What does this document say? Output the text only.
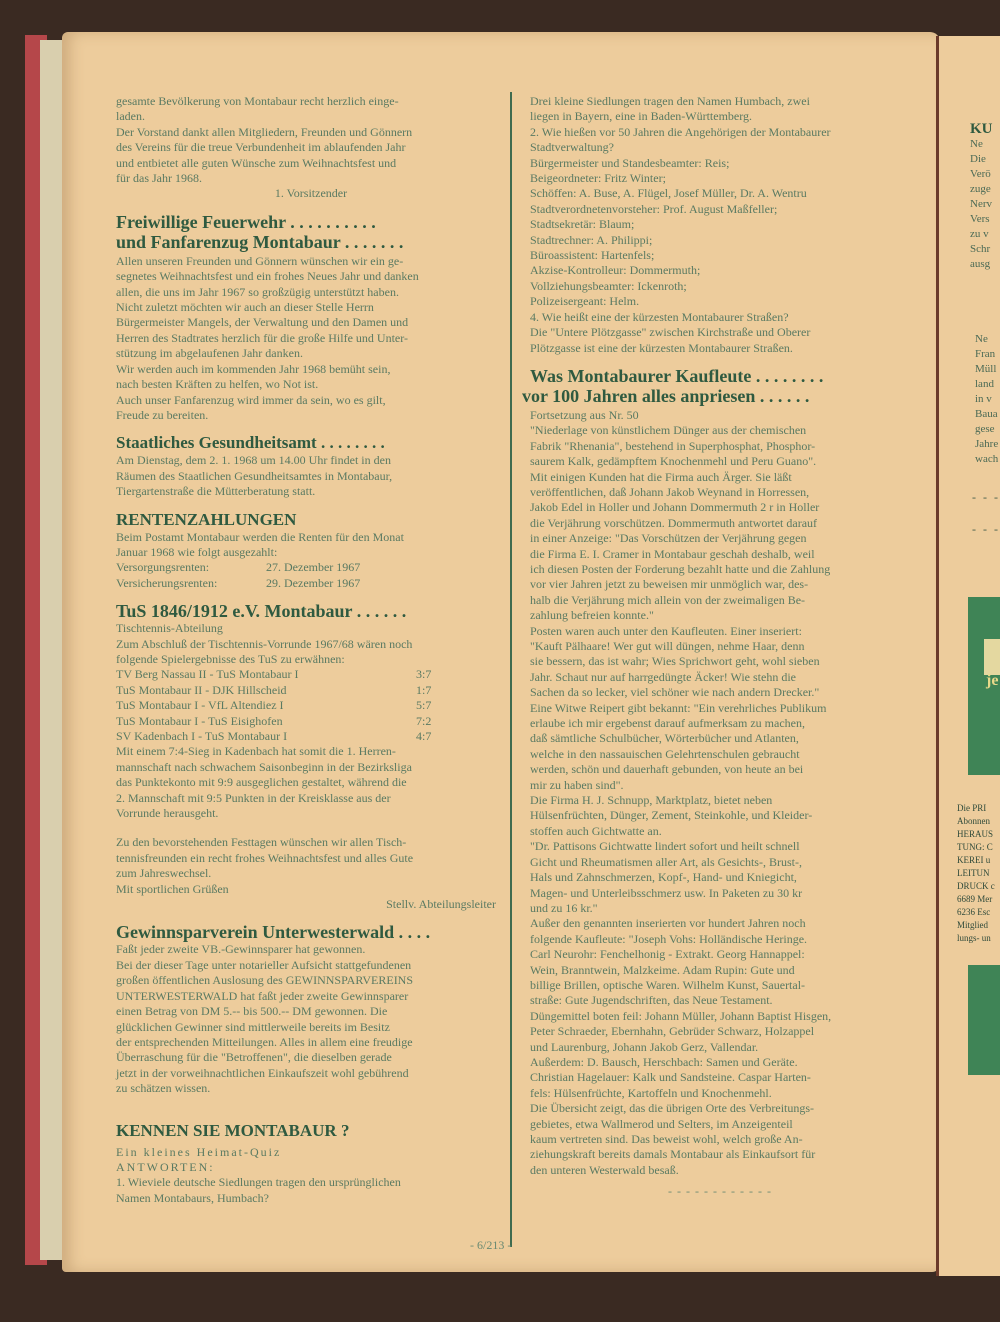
gesamte Bevölkerung von Montabaur recht herzlich einge-

laden.

Der Vorstand dankt allen Mitgliedern, Freunden und Gönnern

des Vereins für die treue Verbundenheit im ablaufenden Jahr

und entbietet alle guten Wünsche zum Weihnachtsfest und

für das Jahr 1968.

1. Vorsitzender

Freiwillige Feuerwehr . . . . . . . . . .

und Fanfarenzug Montabaur . . . . . . .

Allen unseren Freunden und Gönnern wünschen wir ein ge-
segnetes Weihnachtsfest und ein frohes Neues Jahr und danken
allen, die uns im Jahr 1967 so großzügig unterstützt haben.
Nicht zuletzt möchten wir auch an dieser Stelle Herrn
Bürgermeister Mangels, der Verwaltung und den Damen und
Herren des Stadtrates herzlich für die große Hilfe und Unter-
stützung im abgelaufenen Jahr danken.
Wir werden auch im kommenden Jahr 1968 bemüht sein,
nach besten Kräften zu helfen, wo Not ist.
Auch unser Fanfarenzug wird immer da sein, wo es gilt,
Freude zu bereiten.

Staatliches Gesundheitsamt . . . . . . . .

Am Dienstag, dem 2. 1. 1968 um 14.00 Uhr findet in den
Räumen des Staatlichen Gesundheitsamtes in Montabaur,
Tiergartenstraße die Mütterberatung statt.

RENTENZAHLUNGEN

Beim Postamt Montabaur werden die Renten für den Monat
Januar 1968 wie folgt ausgezahlt:

Versorgungsrenten:	27. Dezember 1967
Versicherungsrenten:	29. Dezember 1967

TuS 1846/1912 e.V. Montabaur . . . . . .

Tischtennis-Abteilung
Zum Abschluß der Tischtennis-Vorrunde 1967/68 wären noch
folgende Spielergebnisse des TuS zu erwähnen:

TV Berg Nassau II - TuS Montabaur I	3:7
TuS Montabaur II - DJK Hillscheid	1:7
TuS Montabaur I - VfL Altendiez I	5:7
TuS Montabaur I - TuS Eisighofen	7:2
SV Kadenbach I - TuS Montabaur I	4:7

Mit einem 7:4-Sieg in Kadenbach hat somit die 1. Herren-
mannschaft nach schwachem Saisonbeginn in der Bezirksliga
das Punktekonto mit 9:9 ausgeglichen gestaltet, während die
2. Mannschaft mit 9:5 Punkten in der Kreisklasse aus der
Vorrunde herausgeht.

Zu den bevorstehenden Festtagen wünschen wir allen Tisch-
tennisfreunden ein recht frohes Weihnachtsfest und alles Gute
zum Jahreswechsel.
Mit sportlichen Grüßen

Stellv. Abteilungsleiter

Gewinnsparverein Unterwesterwald . . . .

Faßt jeder zweite VB.-Gewinnsparer hat gewonnen.
Bei der dieser Tage unter notarieller Aufsicht stattgefundenen
großen öffentlichen Auslosung des GEWINNSPARVEREINS
UNTERWESTERWALD hat faßt jeder zweite Gewinnsparer
einen Betrag von DM 5.-- bis 500.-- DM gewonnen. Die
glücklichen Gewinner sind mittlerweile bereits im Besitz
der entsprechenden Mitteilungen. Alles in allem eine freudige
Überraschung für die "Betroffenen", die dieselben gerade
jetzt in der vorweihnachtlichen Einkaufszeit wohl gebührend
zu schätzen wissen.

KENNEN SIE MONTABAUR ?

Ein kleines Heimat-Quiz

ANTWORTEN:

1. Wieviele deutsche Siedlungen tragen den ursprünglichen
Namen Montabaurs, Humbach?

Drei kleine Siedlungen tragen den Namen Humbach, zwei
liegen in Bayern, eine in Baden-Württemberg.
2. Wie hießen vor 50 Jahren die Angehörigen der Montabaurer
Stadtverwaltung?
Bürgermeister und Standesbeamter: Reis;
Beigeordneter: Fritz Winter;
Schöffen: A. Buse, A. Flügel, Josef Müller, Dr. A. Wentru
Stadtverordnetenvorsteher: Prof. August Maßfeller;
Stadtsekretär: Blaum;
Stadtrechner: A. Philippi;
Büroassistent: Hartenfels;
Akzise-Kontrolleur: Dommermuth;
Vollziehungsbeamter: Ickenroth;
Polizeisergeant: Helm.
4. Wie heißt eine der kürzesten Montabaurer Straßen?
Die "Untere Plötzgasse" zwischen Kirchstraße und Oberer
Plötzgasse ist eine der kürzesten Montabaurer Straßen.

Was Montabaurer Kaufleute . . . . . . . .

vor 100 Jahren alles anpriesen . . . . . .

Fortsetzung aus Nr. 50
"Niederlage von künstlichem Dünger aus der chemischen
Fabrik "Rhenania", bestehend in Superphosphat, Phosphor-
saurem Kalk, gedämpftem Knochenmehl und Peru Guano".
Mit einigen Kunden hat die Firma auch Ärger. Sie läßt
veröffentlichen, daß Johann Jakob Weynand in Horressen,
Jakob Edel in Holler und Johann Dommermuth 2 r in Holler
die Verjährung vorschützen. Dommermuth antwortet darauf
in einer Anzeige: "Das Vorschützen der Verjährung gegen
die Firma E. I. Cramer in Montabaur geschah deshalb, weil
ich diesen Posten der Forderung bezahlt hatte und die Zahlung
vor vier Jahren jetzt zu beweisen mir unmöglich war, des-
halb die Verjährung mich allein von der zweimaligen Be-
zahlung befreien konnte."
Posten waren auch unter den Kaufleuten. Einer inseriert:
"Kauft Pälhaare! Wer gut will düngen, nehme Haar, denn
sie bessern, das ist wahr; Wies Sprichwort geht, wohl sieben
Jahr. Schaut nur auf harrgedüngte Äcker! Wie stehn die
Sachen da so lecker, viel schöner wie nach andern Drecker."
Eine Witwe Reipert gibt bekannt: "Ein verehrliches Publikum
erlaube ich mir ergebenst darauf aufmerksam zu machen,
daß sämtliche Schulbücher, Wörterbücher und Atlanten,
welche in den nassauischen Gelehrtenschulen gebraucht
werden, schön und dauerhaft gebunden, von heute an bei
mir zu haben sind".
Die Firma H. J. Schnupp, Marktplatz, bietet neben
Hülsenfrüchten, Dünger, Zement, Steinkohle, und Kleider-
stoffen auch Gichtwatte an.
"Dr. Pattisons Gichtwatte lindert sofort und heilt schnell
Gicht und Rheumatismen aller Art, als Gesichts-, Brust-,
Hals und Zahnschmerzen, Kopf-, Hand- und Kniegicht,
Magen- und Unterleibsschmerz usw. In Paketen zu 30 kr
und zu 16 kr."
Außer den genannten inserierten vor hundert Jahren noch
folgende Kaufleute: "Joseph Vohs: Holländische Heringe.
Carl Neurohr: Fenchelhonig - Extrakt. Georg Hannappel:
Wein, Branntwein, Malzkeime. Adam Rupin: Gute und
billige Brillen, optische Waren. Wilhelm Kunst, Sauertal-
straße: Gute Jugendschriften, das Neue Testament.
Düngemittel boten feil: Johann Müller, Johann Baptist Hisgen,
Peter Schraeder, Ebernhahn, Gebrüder Schwarz, Holzappel
und Laurenburg, Johann Jakob Gerz, Vallendar.
Außerdem: D. Bausch, Herschbach: Samen und Geräte.
Christian Hagelauer: Kalk und Sandsteine. Caspar Harten-
fels: Hülsenfrüchte, Kartoffeln und Knochenmehl.
Die Übersicht zeigt, das die übrigen Orte des Verbreitungs-
gebietes, etwa Wallmerod und Selters, im Anzeigenteil
kaum vertreten sind. Das beweist wohl, welch große An-
ziehungskraft bereits damals Montabaur als Einkaufsort für
den unteren Westerwald besaß.

- - - - - - - - - - - -

- 6/213 -
KU
Ne
Die
Verö
zuge
Nerv
Vers
zu v
Schr
ausg
Ne
Fran
Müll
land
in v
Baua
gese
Jahre
wach
- - -
- - -
je
Die PRI
Abonnen
HERAUS
TUNG: C
KEREI u
LEITUN
DRUCK c
6689 Mer
6236 Esc
Mitglied
lungs- un
